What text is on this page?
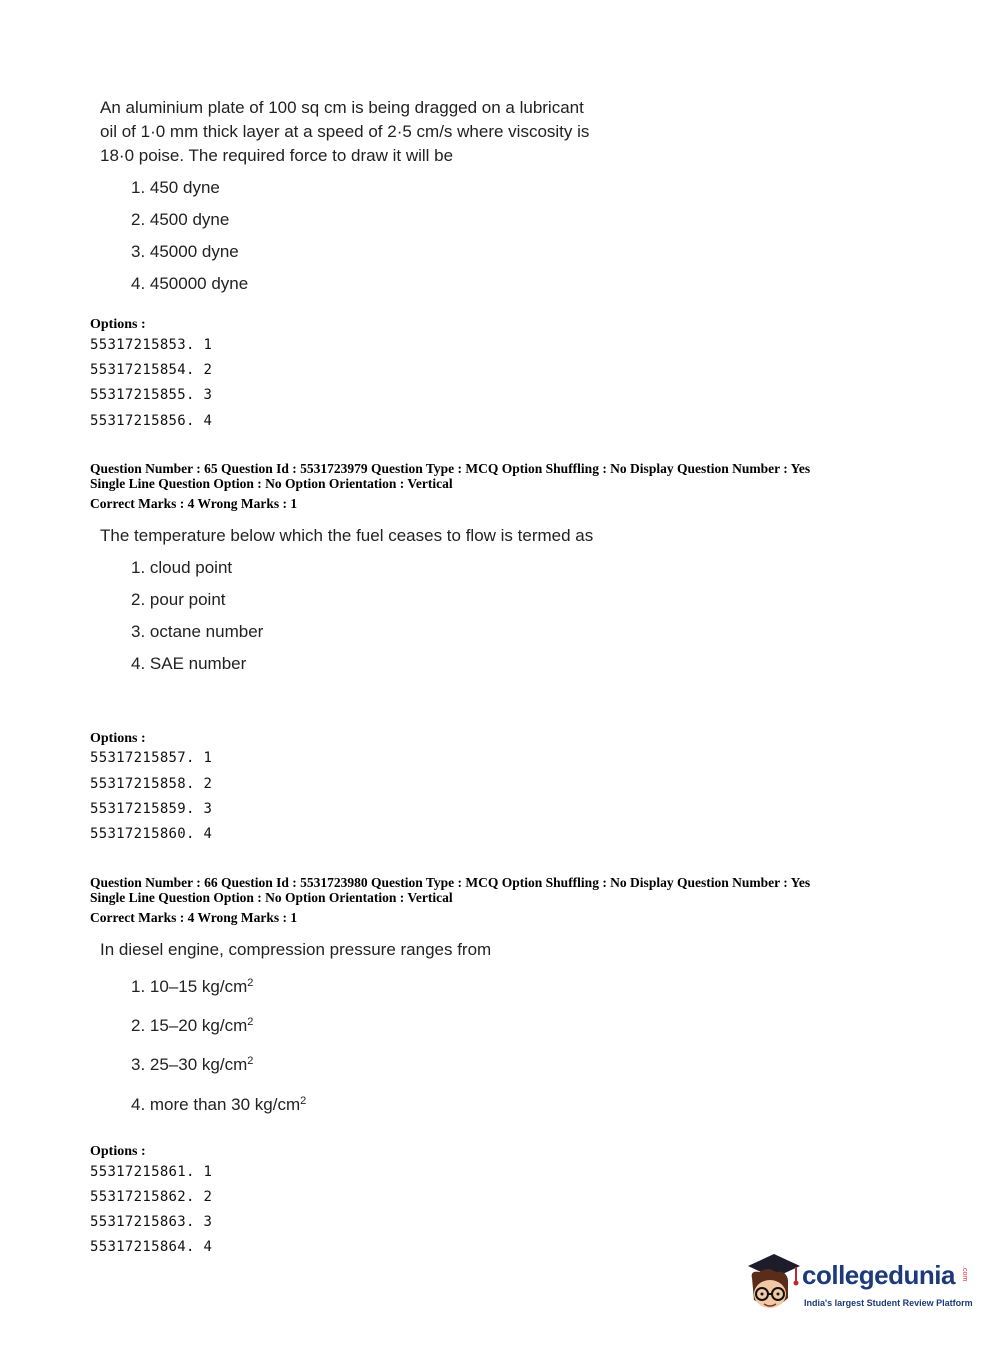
An aluminium plate of 100 sq cm is being dragged on a lubricant
oil of 1·0 mm thick layer at a speed of 2·5 cm/s where viscosity is
18·0 poise. The required force to draw it will be
1. 450 dyne
2. 4500 dyne
3. 45000 dyne
4. 450000 dyne
Options :
55317215853. 1
55317215854. 2
55317215855. 3
55317215856. 4
Question Number : 65 Question Id : 5531723979 Question Type : MCQ Option Shuffling : No Display Question Number : Yes
Single Line Question Option : No Option Orientation : Vertical
Correct Marks : 4 Wrong Marks : 1
The temperature below which the fuel ceases to flow is termed as
1. cloud point
2. pour point
3. octane number
4. SAE number
Options :
55317215857. 1
55317215858. 2
55317215859. 3
55317215860. 4
Question Number : 66 Question Id : 5531723980 Question Type : MCQ Option Shuffling : No Display Question Number : Yes
Single Line Question Option : No Option Orientation : Vertical
Correct Marks : 4 Wrong Marks : 1
In diesel engine, compression pressure ranges from
1. 10–15 $kg/cm^2$
2. 15–20 $kg/cm^2$
3. 25–30 $kg/cm^2$
4. more than 30 $kg/cm^2$
Options :
55317215861. 1
55317215862. 2
55317215863. 3
55317215864. 4
collegedunia .com
India's largest Student Review Platform
